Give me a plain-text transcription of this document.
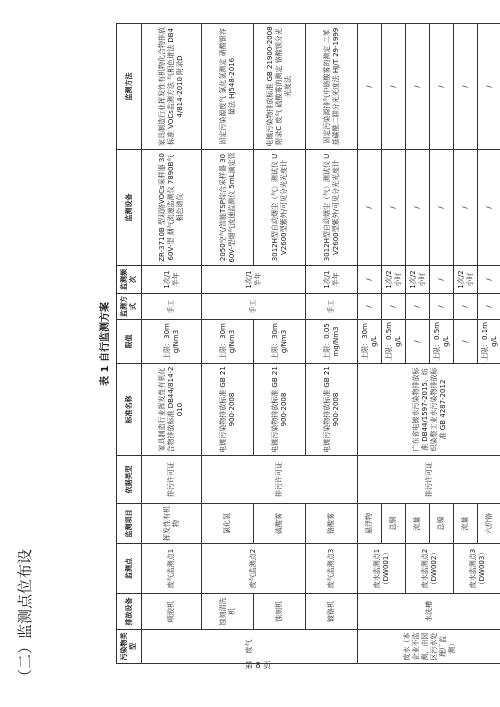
（二）监测点位布设	第 8 页
表 1 自行监测方案
污染物类型	排放设备	监测点	监测项目	依据类型	标准名称	限值	监测方式	监测频次	监测设备	监测方法
废气	喷胶机	废气监测点1	挥发性有机物	排污许可证	家具制造行业挥发性有机化合物排放标准 DB44/814-2010	上限：30mg/Nm3	手工	1次/1半年	ZR-3710B 型双路VOCs采样器 3060V-型 烟气流速监测仪 7890B气相色谱仪	家具制造行业挥发性有机物化合物排放标准 VOCs监测方法 气相色谱法 DB44/814-2010 附录D
	蚀刻清洗机	废气监测点2	氯化氢	排污许可证	电镀污染物排放标准 GB 21900-2008	上限：30mg/Nm3	手工	1次/1半年	2050空气/智能TSP综合采样器 3060V-型烟气流速监测仪 5mL滴定管	固定污染源废气 氯化氢测定 硝酸银容量法 HJ548-2016
	蚀刻机		硫酸雾		电镀污染物排放标准 GB 21900-2008	上限：30mg/Nm3			3012H型自动烟尘（气）测试仪 UV2600型紫外/可见分光光度计	电镀污染物排放标准 GB 21900-2008 附录C 废气 硫酸雾的测定 铬酸钡分光光度法
	镀铬机	废气监测点3	铬酸雾		电镀污染物排放标准 GB 21900-2008	上限：0.05mg/Nm3	手工	1次/1半年	3012H型自动烟尘（气）测试仪 UV2600型紫外/可见分光光度计	固定污染源排气中铬酸雾的测定 二苯基碳酰二肼分光光度法 HJ/T 29-1999
废水（本企业不监测，由园区污水处理厂监测）	水洗槽	废水监测点1（DW001）	悬浮物	排污许可证	广东省电镀水污染物排放标准 DB44/1597-2015、纺织染整工业水污染物排放标准 GB 4287-2012	上限：30mg/L	/	/	/	/
			总铜			上限：0.5mg/L	/	1次/2小时	/	/
		废水监测点2（DW002）	流量			/	/	1次/2小时	/	/
			总镍			上限：0.5mg/L	/	/	/	/
		废水监测点3（DW003）	流量			/	/	1次/2小时	/	/
			六价铬			上限：0.1mg/L	/	/	/	/
